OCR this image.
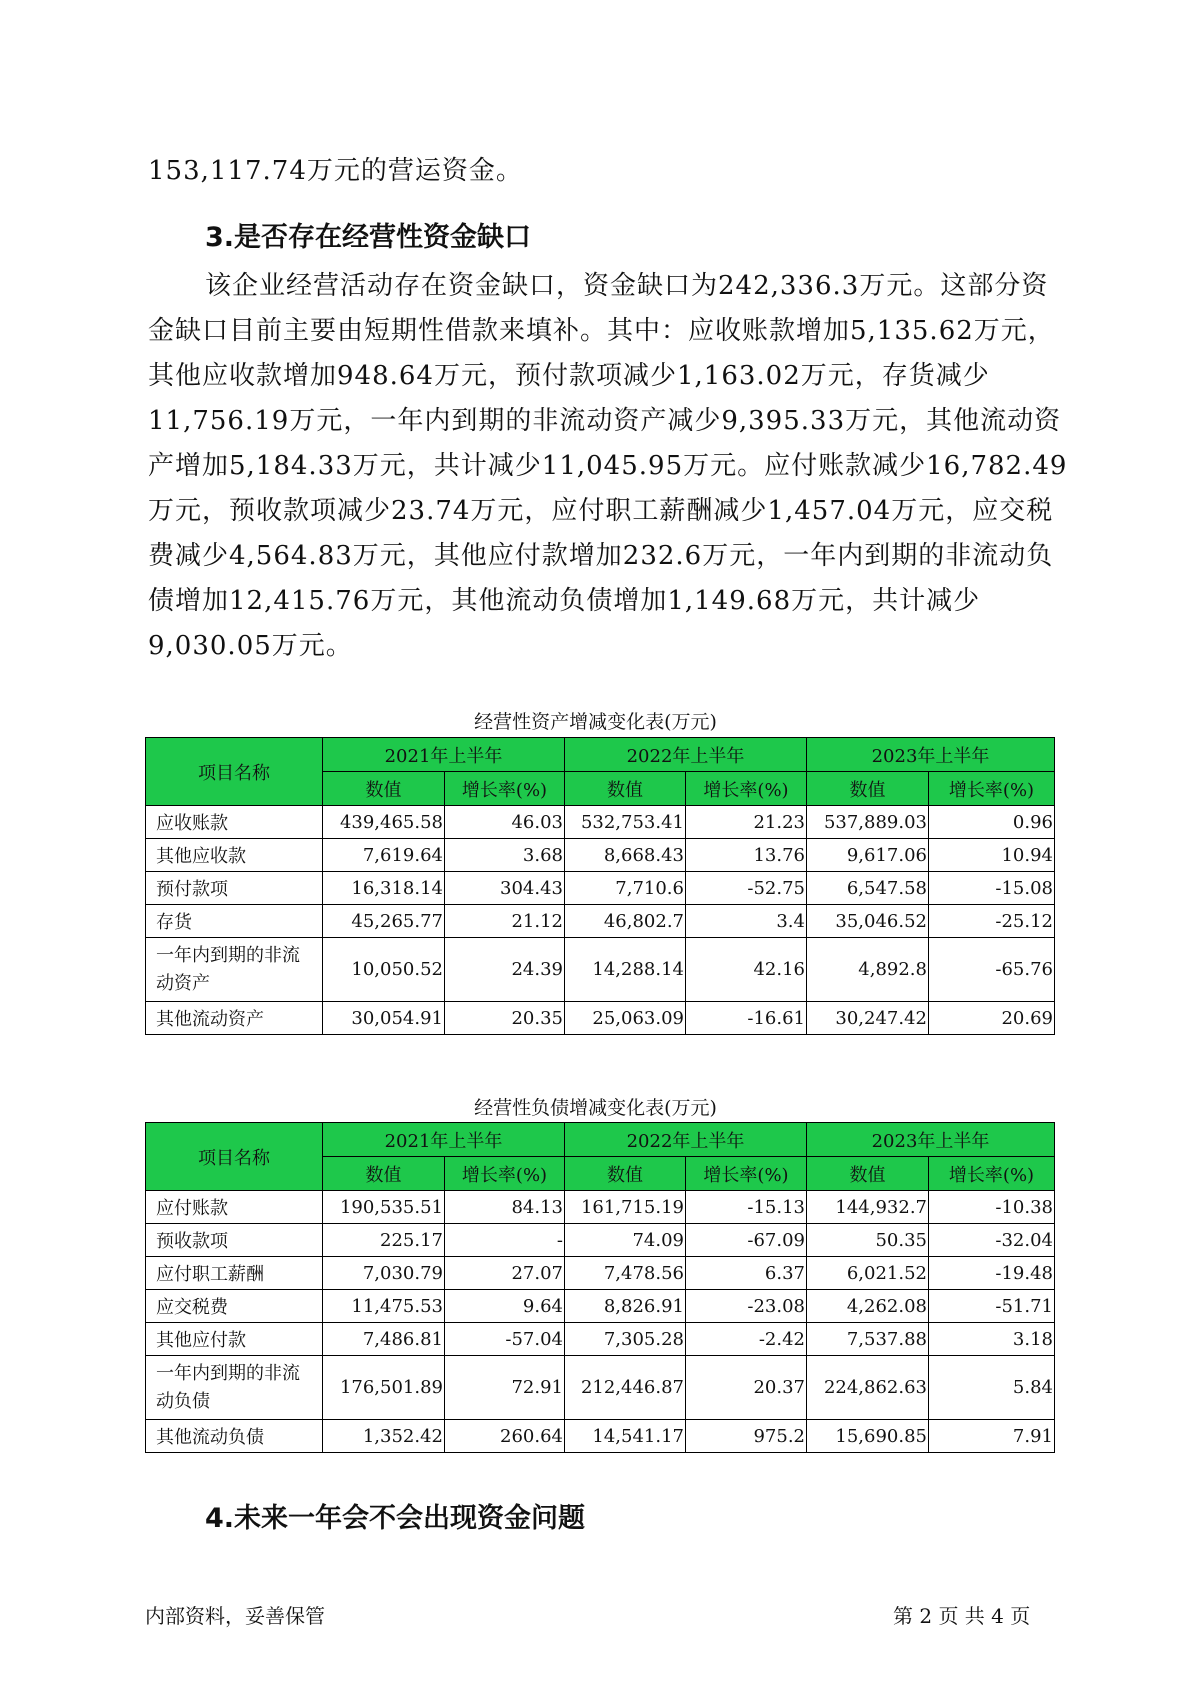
153,117.74万元的营运资金。
3.是否存在经营性资金缺口
该企业经营活动存在资金缺口，资金缺口为242,336.3万元。这部分资
金缺口目前主要由短期性借款来填补。其中：应收账款增加5,135.62万元，
其他应收款增加948.64万元，预付款项减少1,163.02万元，存货减少
11,756.19万元，一年内到期的非流动资产减少9,395.33万元，其他流动资
产增加5,184.33万元，共计减少11,045.95万元。应付账款减少16,782.49
万元，预收款项减少23.74万元，应付职工薪酬减少1,457.04万元，应交税
费减少4,564.83万元，其他应付款增加232.6万元，一年内到期的非流动负
债增加12,415.76万元，其他流动负债增加1,149.68万元，共计减少
9,030.05万元。
经营性资产增减变化表(万元)
项目名称	2021年上半年		2022年上半年		2023年上半年	
	数值	增长率(%)	数值	增长率(%)	数值	增长率(%)
应收账款	439,465.58	46.03	532,753.41	21.23	537,889.03	0.96
其他应收款	7,619.64	3.68	8,668.43	13.76	9,617.06	10.94
预付款项	16,318.14	304.43	7,710.6	-52.75	6,547.58	-15.08
存货	45,265.77	21.12	46,802.7	3.4	35,046.52	-25.12

一年内到期的非流
动资产	10,050.52	24.39	14,288.14	42.16	4,892.8	-65.76
其他流动资产	30,054.91	20.35	25,063.09	-16.61	30,247.42	20.69
经营性负债增减变化表(万元)
项目名称	2021年上半年		2022年上半年		2023年上半年	
	数值	增长率(%)	数值	增长率(%)	数值	增长率(%)
应付账款	190,535.51	84.13	161,715.19	-15.13	144,932.7	-10.38
预收款项	225.17	-	74.09	-67.09	50.35	-32.04
应付职工薪酬	7,030.79	27.07	7,478.56	6.37	6,021.52	-19.48
应交税费	11,475.53	9.64	8,826.91	-23.08	4,262.08	-51.71
其他应付款	7,486.81	-57.04	7,305.28	-2.42	7,537.88	3.18

一年内到期的非流
动负债	176,501.89	72.91	212,446.87	20.37	224,862.63	5.84
其他流动负债	1,352.42	260.64	14,541.17	975.2	15,690.85	7.91
4.未来一年会不会出现资金问题
内部资料，妥善保管	第 2 页 共 4 页
